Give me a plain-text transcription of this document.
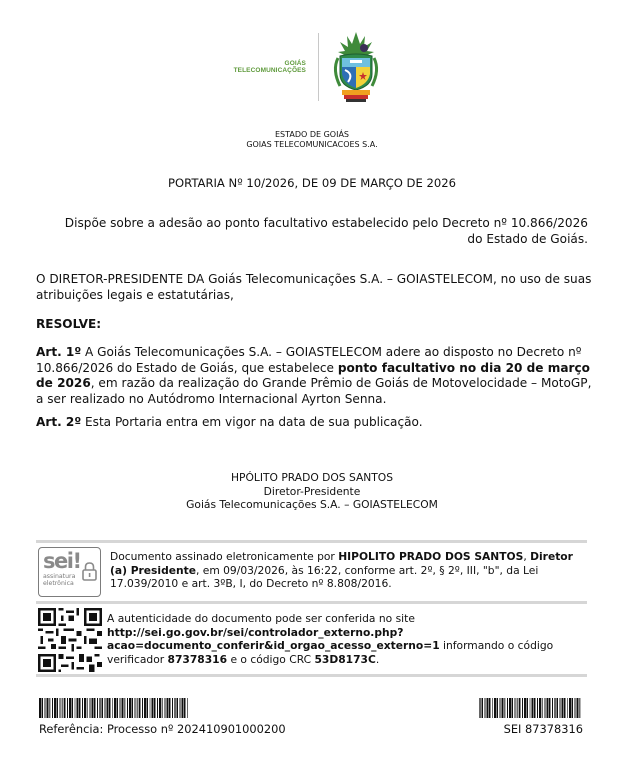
GOIÁS
TELECOMUNICAÇÕES
ESTADO DE GOIÁS
GOIAS TELECOMUNICACOES S.A.
PORTARIA Nº 10/2026, DE 09 DE MARÇO DE 2026
Dispõe sobre a adesão ao ponto facultativo estabelecido pelo Decreto nº 10.866/2026
do Estado de Goiás.
O DIRETOR-PRESIDENTE DA Goiás Telecomunicações S.A. – GOIASTELECOM, no uso de suas atribuições legais e estatutárias,
RESOLVE:
Art. 1º A Goiás Telecomunicações S.A. – GOIASTELECOM adere ao disposto no Decreto nº 10.866/2026 do Estado de Goiás, que estabelece ponto facultativo no dia 20 de março de 2026, em razão da realização do Grande Prêmio de Goiás de Motovelocidade – MotoGP, a ser realizado no Autódromo Internacional Ayrton Senna.
Art. 2º Esta Portaria entra em vigor na data de sua publicação.
HPÓLITO PRADO DOS SANTOS
Diretor-Presidente
Goiás Telecomunicações S.A. – GOIASTELECOM
sei!
assinatura
eletrônica
Documento assinado eletronicamente por HIPOLITO PRADO DOS SANTOS, Diretor (a) Presidente, em 09/03/2026, às 16:22, conforme art. 2º, § 2º, III, "b", da Lei 17.039/2010 e art. 3ºB, I, do Decreto nº 8.808/2016.
A autenticidade do documento pode ser conferida no site
http://sei.go.gov.br/sei/controlador_externo.php?
acao=documento_conferir&id_orgao_acesso_externo=1 informando o código verificador 87378316 e o código CRC 53D8173C.
Referência: Processo nº 202410901000200	SEI 87378316
